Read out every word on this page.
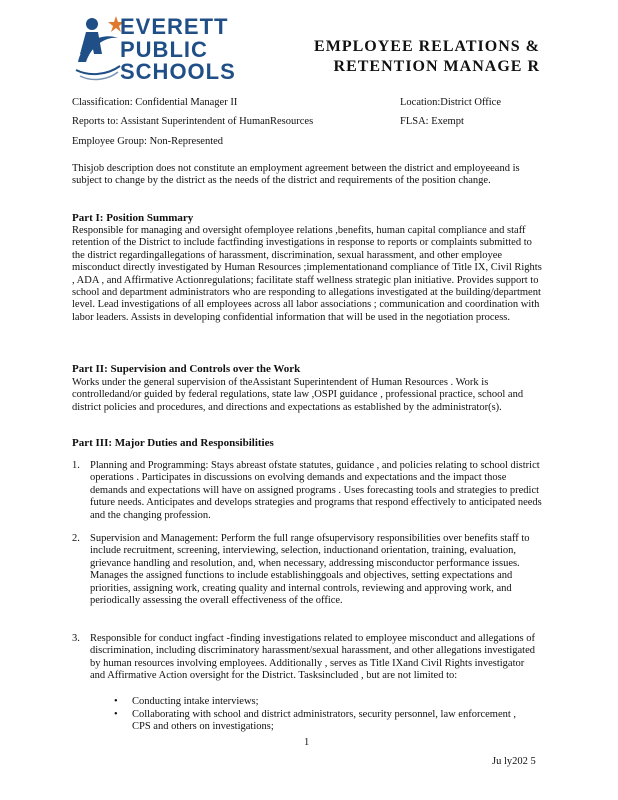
EVERETT
PUBLIC
SCHOOLS
EMPLOYEE RELATIONS &
RETENTION MANAGE R
Classification: Confidential Manager II	Location:District Office
Reports to: Assistant Superintendent of HumanResources	FLSA: Exempt
Employee Group: Non-Represented
Thisjob description does not constitute an employment agreement between the district and employeeand is subject to change by the district as the needs of the district and requirements of the position change.
Part I: Position Summary
Responsible for managing and oversight ofemployee relations ,benefits, human capital compliance and staff retention of the District to include factfinding investigations in response to reports or complaints submitted to the district regardingallegations of harassment, discrimination, sexual harassment, and other employee misconduct directly investigated by Human Resources ;implementationand compliance of Title IX, Civil Rights , ADA , and Affirmative Actionregulations; facilitate staff wellness strategic plan initiative. Provides support to school and department administrators who are responding to allegations investigated at the building/department level. Lead investigations of all employees across all labor associations ; communication and coordination with labor leaders. Assists in developing confidential information that will be used in the negotiation process.
Part II: Supervision and Controls over the Work
Works under the general supervision of theAssistant Superintendent of Human Resources . Work is controlledand/or guided by federal regulations, state law ,OSPI guidance , professional practice, school and district policies and procedures, and directions and expectations as established by the administrator(s).
Part III: Major Duties and Responsibilities
1. Planning and Programming: Stays abreast ofstate statutes, guidance , and policies relating to school district operations . Participates in discussions on evolving demands and expectations and the impact those demands and expectations will have on assigned programs . Uses forecasting tools and strategies to predict future needs. Anticipates and develops strategies and programs that respond effectively to anticipated needs and the changing profession.
2. Supervision and Management: Perform the full range ofsupervisory responsibilities over benefits staff to include recruitment, screening, interviewing, selection, inductionand orientation, training, evaluation, grievance handling and resolution, and, when necessary, addressing misconductor performance issues. Manages the assigned functions to include establishinggoals and objectives, setting expectations and priorities, assigning work, creating quality and internal controls, reviewing and approving work, and periodically assessing the overall effectiveness of the office.
3. Responsible for conduct ingfact -finding investigations related to employee misconduct and allegations of discrimination, including discriminatory harassment/sexual harassment, and other allegations investigated by human resources involving employees. Additionally , serves as Title IXand Civil Rights investigator and Affirmative Action oversight for the District. Tasksincluded , but are not limited to:
• Conducting intake interviews;
• Collaborating with school and district administrators, security personnel, law enforcement , CPS and others on investigations;
1
Ju ly202 5
